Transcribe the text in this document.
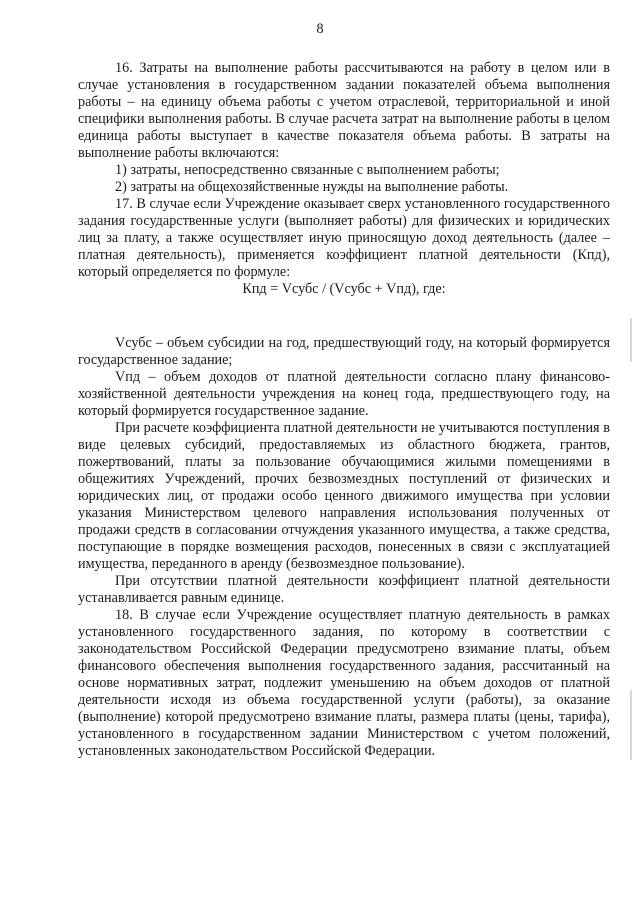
8

16. Затраты на выполнение работы рассчитываются на работу в целом или в случае установления в государственном задании показателей объема выполнения работы – на единицу объема работы с учетом отраслевой, территориальной и иной специфики выполнения работы. В случае расчета затрат на выполнение работы в целом единица работы выступает в качестве показателя объема работы. В затраты на выполнение работы включаются:

1) затраты, непосредственно связанные с выполнением работы;

2) затраты на общехозяйственные нужды на выполнение работы.

17. В случае если Учреждение оказывает сверх установленного государственного задания государственные услуги (выполняет работы) для физических и юридических лиц за плату, а также осуществляет иную приносящую доход деятельность (далее – платная деятельность), применяется коэффициент платной деятельности (Кпд), который определяется по формуле:

Кпд = Vсубс / (Vсубс + Vпд), где:

Vсубс – объем субсидии на год, предшествующий году, на который формируется государственное задание;

Vпд – объем доходов от платной деятельности согласно плану финансово-хозяйственной деятельности учреждения на конец года, предшествующего году, на который формируется государственное задание.

При расчете коэффициента платной деятельности не учитываются поступления в виде целевых субсидий, предоставляемых из областного бюджета, грантов, пожертвований, платы за пользование обучающимися жилыми помещениями в общежитиях Учреждений, прочих безвозмездных поступлений от физических и юридических лиц, от продажи особо ценного движимого имущества при условии указания Министерством целевого направления использования полученных от продажи средств в согласовании отчуждения указанного имущества, а также средства, поступающие в порядке возмещения расходов, понесенных в связи с эксплуатацией имущества, переданного в аренду (безвозмездное пользование).

При отсутствии платной деятельности коэффициент платной деятельности устанавливается равным единице.

18. В случае если Учреждение осуществляет платную деятельность в рамках установленного государственного задания, по которому в соответствии с законодательством Российской Федерации предусмотрено взимание платы, объем финансового обеспечения выполнения государственного задания, рассчитанный на основе нормативных затрат, подлежит уменьшению на объем доходов от платной деятельности исходя из объема государственной услуги (работы), за оказание (выполнение) которой предусмотрено взимание платы, размера платы (цены, тарифа), установленного в государственном задании Министерством с учетом положений, установленных законодательством Российской Федерации.
